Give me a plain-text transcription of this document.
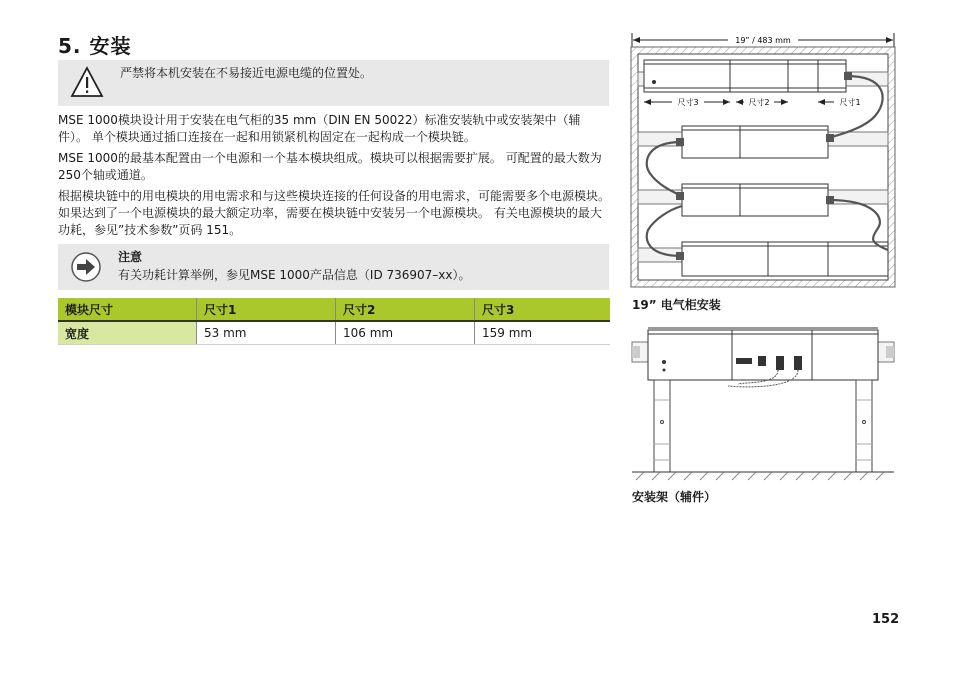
5. 安装
严禁将本机安装在不易接近电源电缆的位置处。
MSE 1000模块设计用于安装在电气柜的35 mm（DIN EN 50022）标准安装轨中或安装架中（辅件）。 单个模块通过插口连接在一起和用锁紧机构固定在一起构成一个模块链。
MSE 1000的最基本配置由一个电源和一个基本模块组成。模块可以根据需要扩展。 可配置的最大数为250个轴或通道。
根据模块链中的用电模块的用电需求和与这些模块连接的任何设备的用电需求，可能需要多个电源模块。 如果达到了一个电源模块的最大额定功率，需要在模块链中安装另一个电源模块。 有关电源模块的最大功耗，参见”技术参数”页码 151。
注意
有关功耗计算举例，参见MSE 1000产品信息（ID 736907–xx）。
模块尺寸	尺寸1	尺寸2	尺寸3
宽度	53 mm	106 mm	159 mm
19” / 483 mm
尺寸3	尺寸2	尺寸1
19” 电气柜安装
安装架（辅件）
152
